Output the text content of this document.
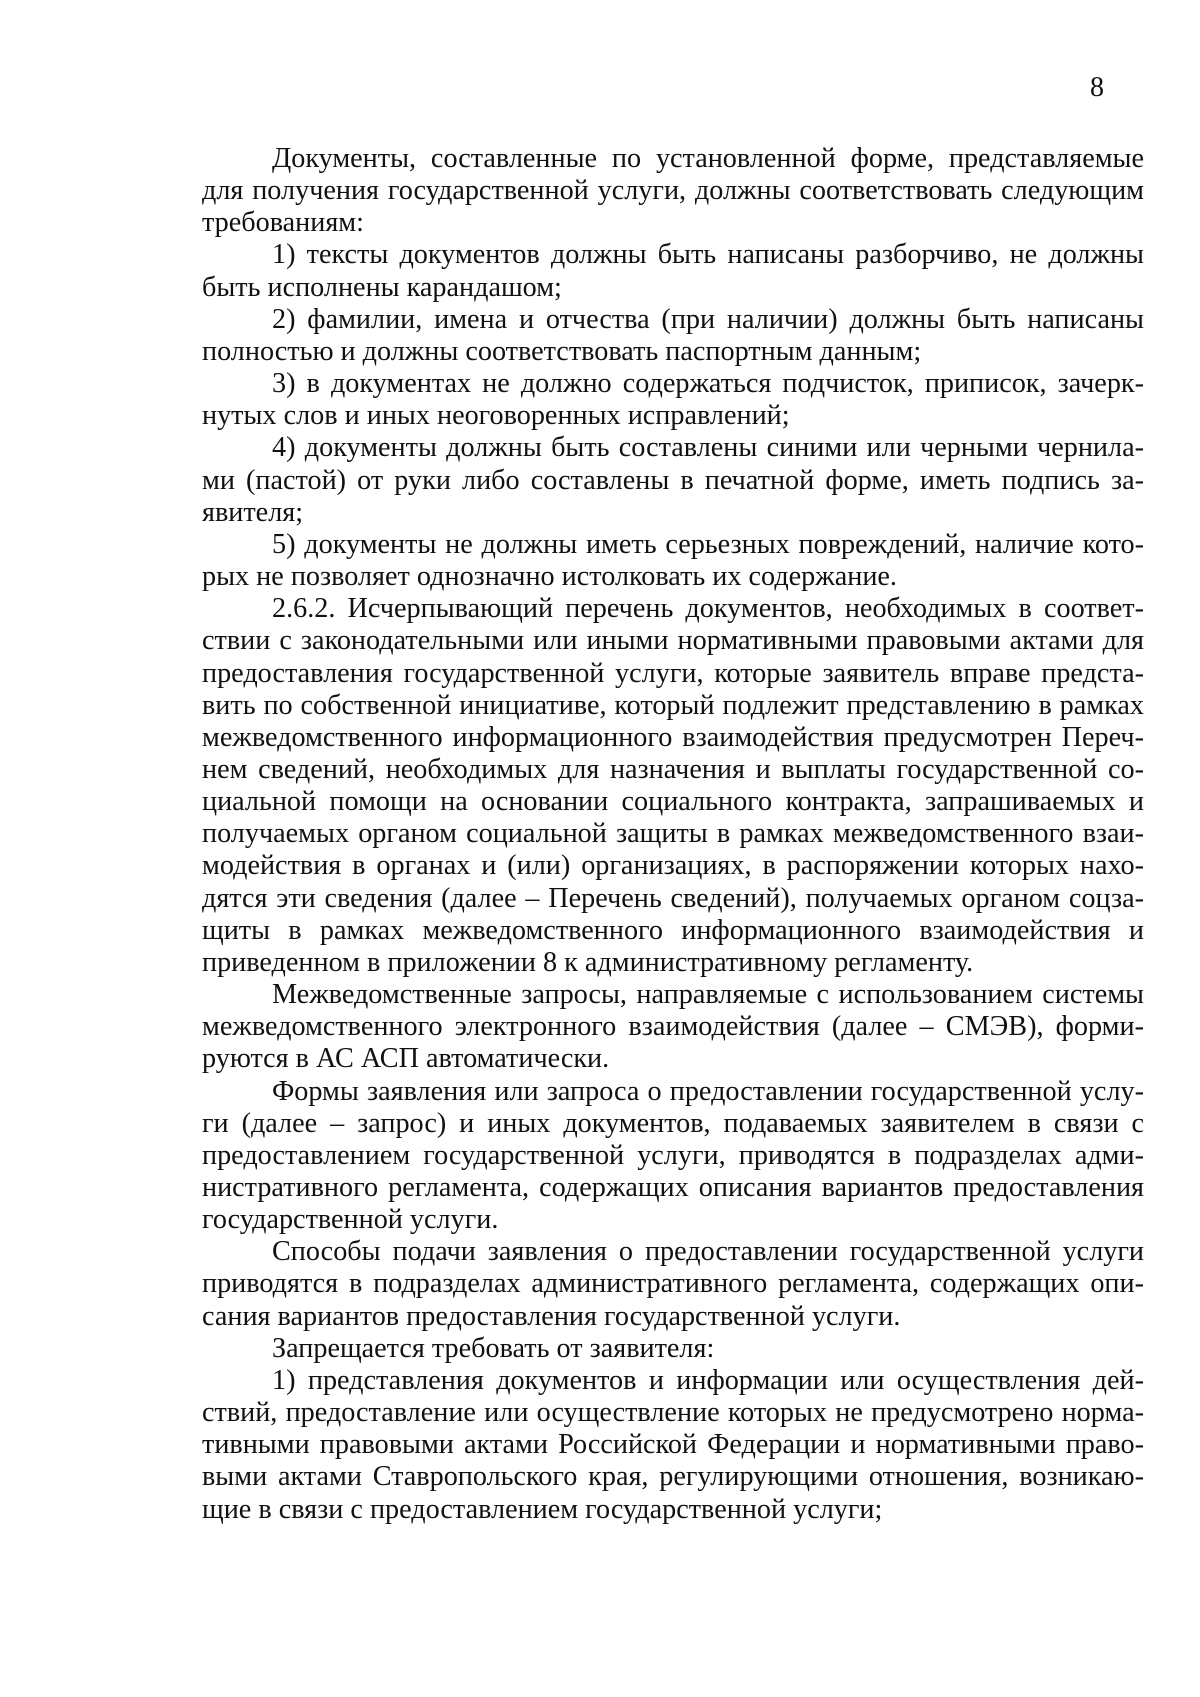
8

Документы, составленные по установленной форме, представляемые для получения государственной услуги, должны соответствовать следующим требованиям:

1) тексты документов должны быть написаны разборчиво, не должны быть исполнены карандашом;

2) фамилии, имена и отчества (при наличии) должны быть написаны полностью и должны соответствовать паспортным данным;

3) в документах не должно содержаться подчисток, приписок, зачеркнутых слов и иных неоговоренных исправлений;

4) документы должны быть составлены синими или черными чернилами (пастой) от руки либо составлены в печатной форме, иметь подпись заявителя;

5) документы не должны иметь серьезных повреждений, наличие которых не позволяет однозначно истолковать их содержание.

2.6.2. Исчерпывающий перечень документов, необходимых в соответствии с законодательными или иными нормативными правовыми актами для предоставления государственной услуги, которые заявитель вправе представить по собственной инициативе, который подлежит представлению в рамках межведомственного информационного взаимодействия предусмотрен Перечнем сведений, необходимых для назначения и выплаты государственной социальной помощи на основании социального контракта, запрашиваемых и получаемых органом социальной защиты в рамках межведомственного взаимодействия в органах и (или) организациях, в распоряжении которых находятся эти сведения (далее – Перечень сведений), получаемых органом соцзащиты в рамках межведомственного информационного взаимодействия и приведенном в приложении 8 к административному регламенту.

Межведомственные запросы, направляемые с использованием системы межведомственного электронного взаимодействия (далее – СМЭВ), формируются в АС АСП автоматически.

Формы заявления или запроса о предоставлении государственной услуги (далее – запрос) и иных документов, подаваемых заявителем в связи с предоставлением государственной услуги, приводятся в подразделах административного регламента, содержащих описания вариантов предоставления государственной услуги.

Способы подачи заявления о предоставлении государственной услуги приводятся в подразделах административного регламента, содержащих описания вариантов предоставления государственной услуги.

Запрещается требовать от заявителя:

1) представления документов и информации или осуществления действий, предоставление или осуществление которых не предусмотрено нормативными правовыми актами Российской Федерации и нормативными правовыми актами Ставропольского края, регулирующими отношения, возникающие в связи с предоставлением государственной услуги;
